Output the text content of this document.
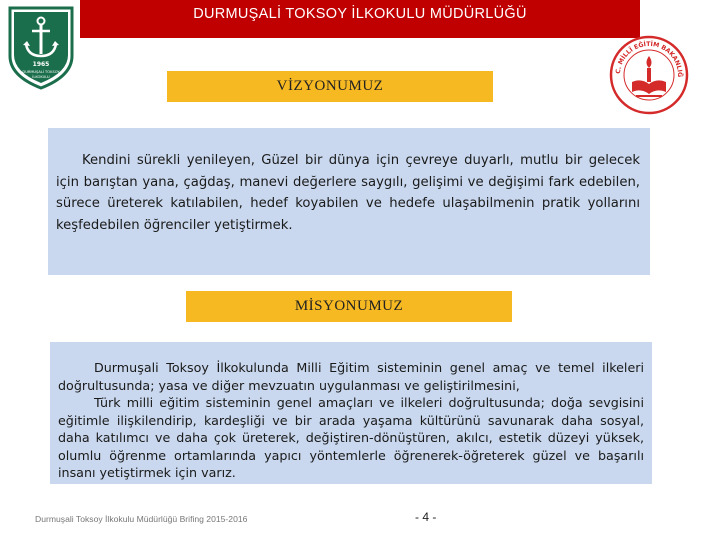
DURMUŞALİ TOKSOY İLKOKULU MÜDÜRLÜĞÜ
1965
DURMUŞALİ TOKSOY
İLKOKULU
C. MİLLÎ EĞİTİM BAKANLIĞ
VİZYONUMUZ

Kendini sürekli yenileyen, Güzel bir dünya için çevreye duyarlı, mutlu bir gelecek için barıştan yana, çağdaş, manevi değerlere saygılı, gelişimi ve değişimi fark edebilen, sürece üreterek katılabilen, hedef koyabilen ve hedefe ulaşabilmenin pratik yollarını keşfedebilen öğrenciler yetiştirmek.

MİSYONUMUZ

Durmuşali Toksoy İlkokulunda Milli Eğitim sisteminin genel amaç ve temel ilkeleri doğrultusunda; yasa ve diğer mevzuatın uygulanması ve geliştirilmesini,

Türk milli eğitim sisteminin genel amaçları ve ilkeleri doğrultusunda; doğa sevgisini eğitimle ilişkilendirip, kardeşliği ve bir arada yaşama kültürünü savunarak daha sosyal, daha katılımcı ve daha çok üreterek, değiştiren-dönüştüren, akılcı, estetik düzeyi yüksek, olumlu öğrenme ortamlarında yapıcı yöntemlerle öğrenerek-öğreterek güzel ve başarılı insanı yetiştirmek için varız.

Durmuşali Toksoy İlkokulu Müdürlüğü Brifing 2015-2016	- 4 -
